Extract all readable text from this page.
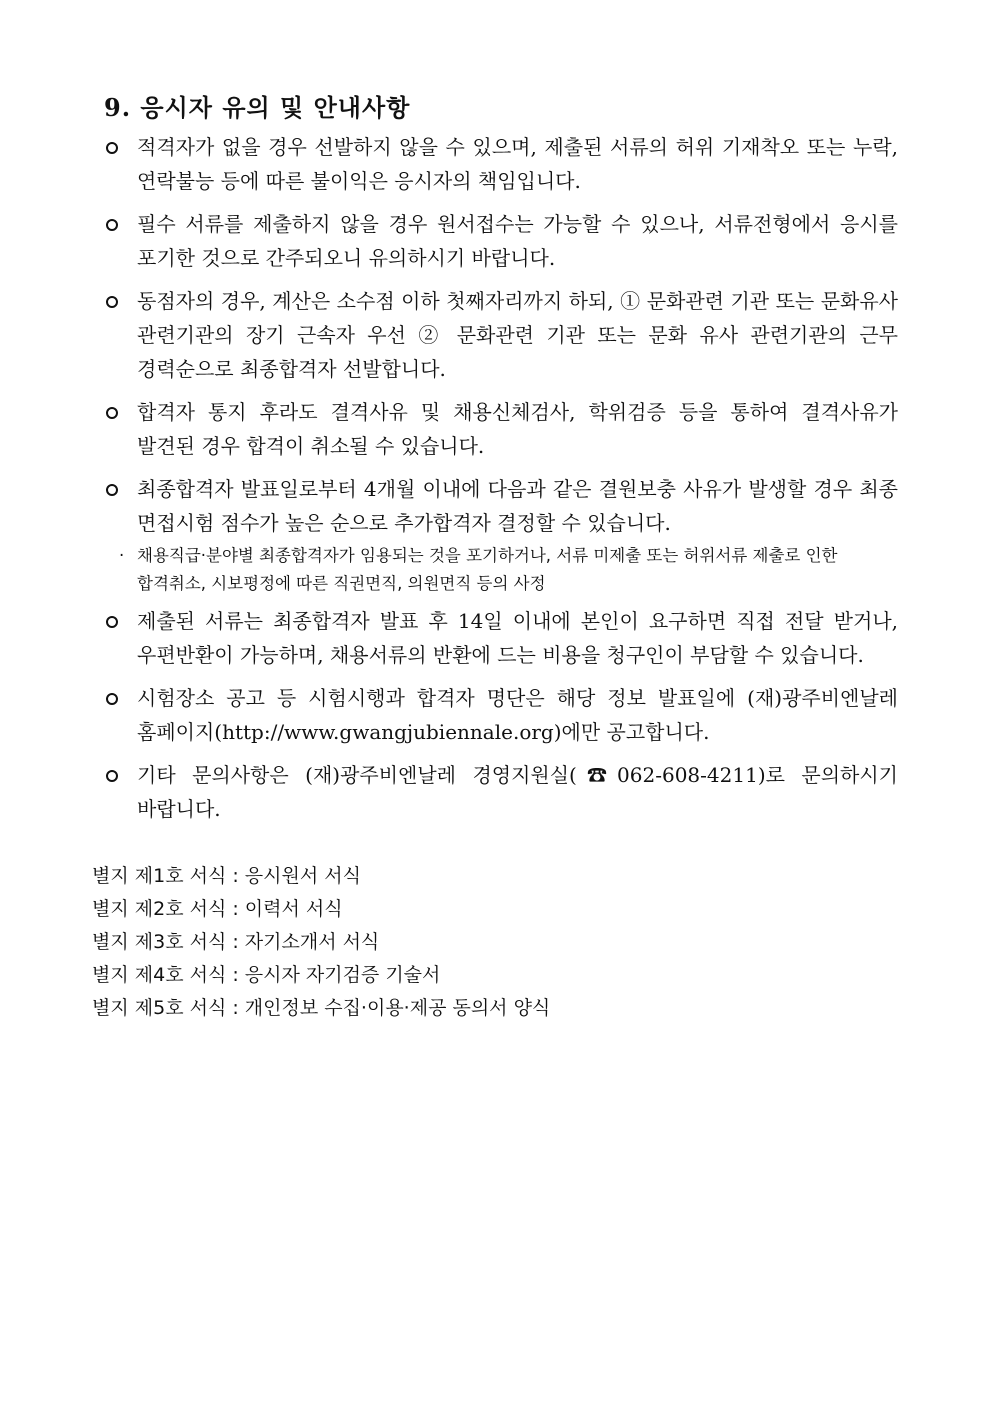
9. 응시자 유의 및 안내사항
적격자가 없을 경우 선발하지 않을 수 있으며, 제출된 서류의 허위 기재착오 또는 누락, 연락불능 등에 따른 불이익은 응시자의 책임입니다.
필수 서류를 제출하지 않을 경우 원서접수는 가능할 수 있으나, 서류전형에서 응시를 포기한 것으로 간주되오니 유의하시기 바랍니다.
동점자의 경우, 계산은 소수점 이하 첫째자리까지 하되, ① 문화관련 기관 또는 문화유사 관련기관의 장기 근속자 우선 ② 문화관련 기관 또는 문화 유사 관련기관의 근무 경력순으로 최종합격자 선발합니다.
합격자 통지 후라도 결격사유 및 채용신체검사, 학위검증 등을 통하여 결격사유가 발견된 경우 합격이 취소될 수 있습니다.
최종합격자 발표일로부터 4개월 이내에 다음과 같은 결원보충 사유가 발생할 경우 최종 면접시험 점수가 높은 순으로 추가합격자 결정할 수 있습니다.
· 채용직급·분야별 최종합격자가 임용되는 것을 포기하거나, 서류 미제출 또는 허위서류 제출로 인한 합격취소, 시보평정에 따른 직권면직, 의원면직 등의 사정
제출된 서류는 최종합격자 발표 후 14일 이내에 본인이 요구하면 직접 전달 받거나, 우편반환이 가능하며, 채용서류의 반환에 드는 비용을 청구인이 부담할 수 있습니다.
시험장소 공고 등 시험시행과 합격자 명단은 해당 정보 발표일에 (재)광주비엔날레 홈페이지(http://www.gwangjubiennale.org)에만 공고합니다.
기타 문의사항은 (재)광주비엔날레 경영지원실(☎062-608-4211)로 문의하시기 바랍니다.
별지 제1호 서식 : 응시원서 서식
별지 제2호 서식 : 이력서 서식
별지 제3호 서식 : 자기소개서 서식
별지 제4호 서식 : 응시자 자기검증 기술서
별지 제5호 서식 : 개인정보 수집·이용·제공 동의서 양식
